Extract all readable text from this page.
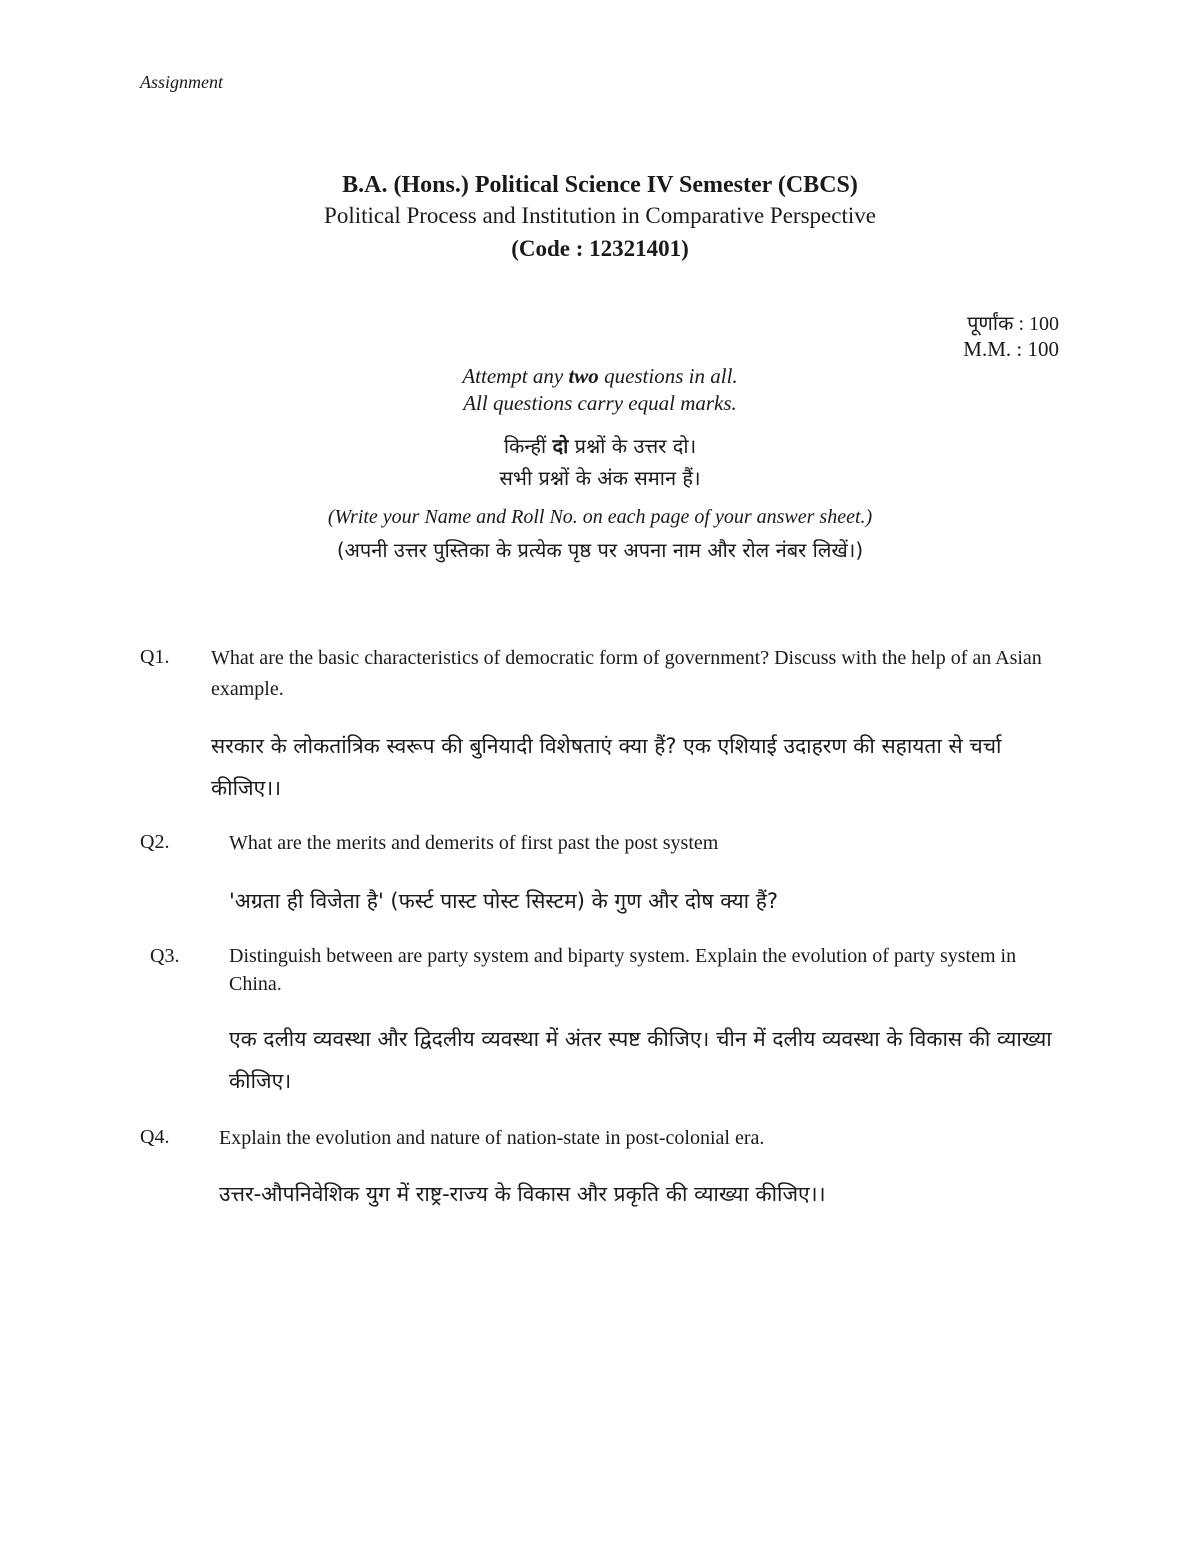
Assignment
B.A. (Hons.) Political Science IV Semester (CBCS)
Political Process and Institution in Comparative Perspective
(Code : 12321401)
पूर्णांक : 100
M.M. : 100
Attempt any two questions in all.
All questions carry equal marks.
किन्हीं दो प्रश्नों के उत्तर दो।
सभी प्रश्नों के अंक समान हैं।
(Write your Name and Roll No. on each page of your answer sheet.)
(अपनी उत्तर पुस्तिका के प्रत्येक पृष्ठ पर अपना नाम और रोल नंबर लिखें।)
Q1. What are the basic characteristics of democratic form of government? Discuss with the help of an Asian example.
सरकार के लोकतांत्रिक स्वरूप की बुनियादी विशेषताएं क्या हैं? एक एशियाई उदाहरण की सहायता से चर्चा कीजिए।।
Q2.	What are the merits and demerits of first past the post system
'अग्रता ही विजेता है' (फर्स्ट पास्ट पोस्ट सिस्टम) के गुण और दोष क्या हैं?
Q3. Distinguish between are party system and biparty system. Explain the evolution of party system in China.
एक दलीय व्यवस्था और द्विदलीय व्यवस्था में अंतर स्पष्ट कीजिए। चीन में दलीय व्यवस्था के विकास की व्याख्या कीजिए।
Q4. Explain the evolution and nature of nation-state in post-colonial era.
उत्तर-औपनिवेशिक युग में राष्ट्र-राज्य के विकास और प्रकृति की व्याख्या कीजिए।।
